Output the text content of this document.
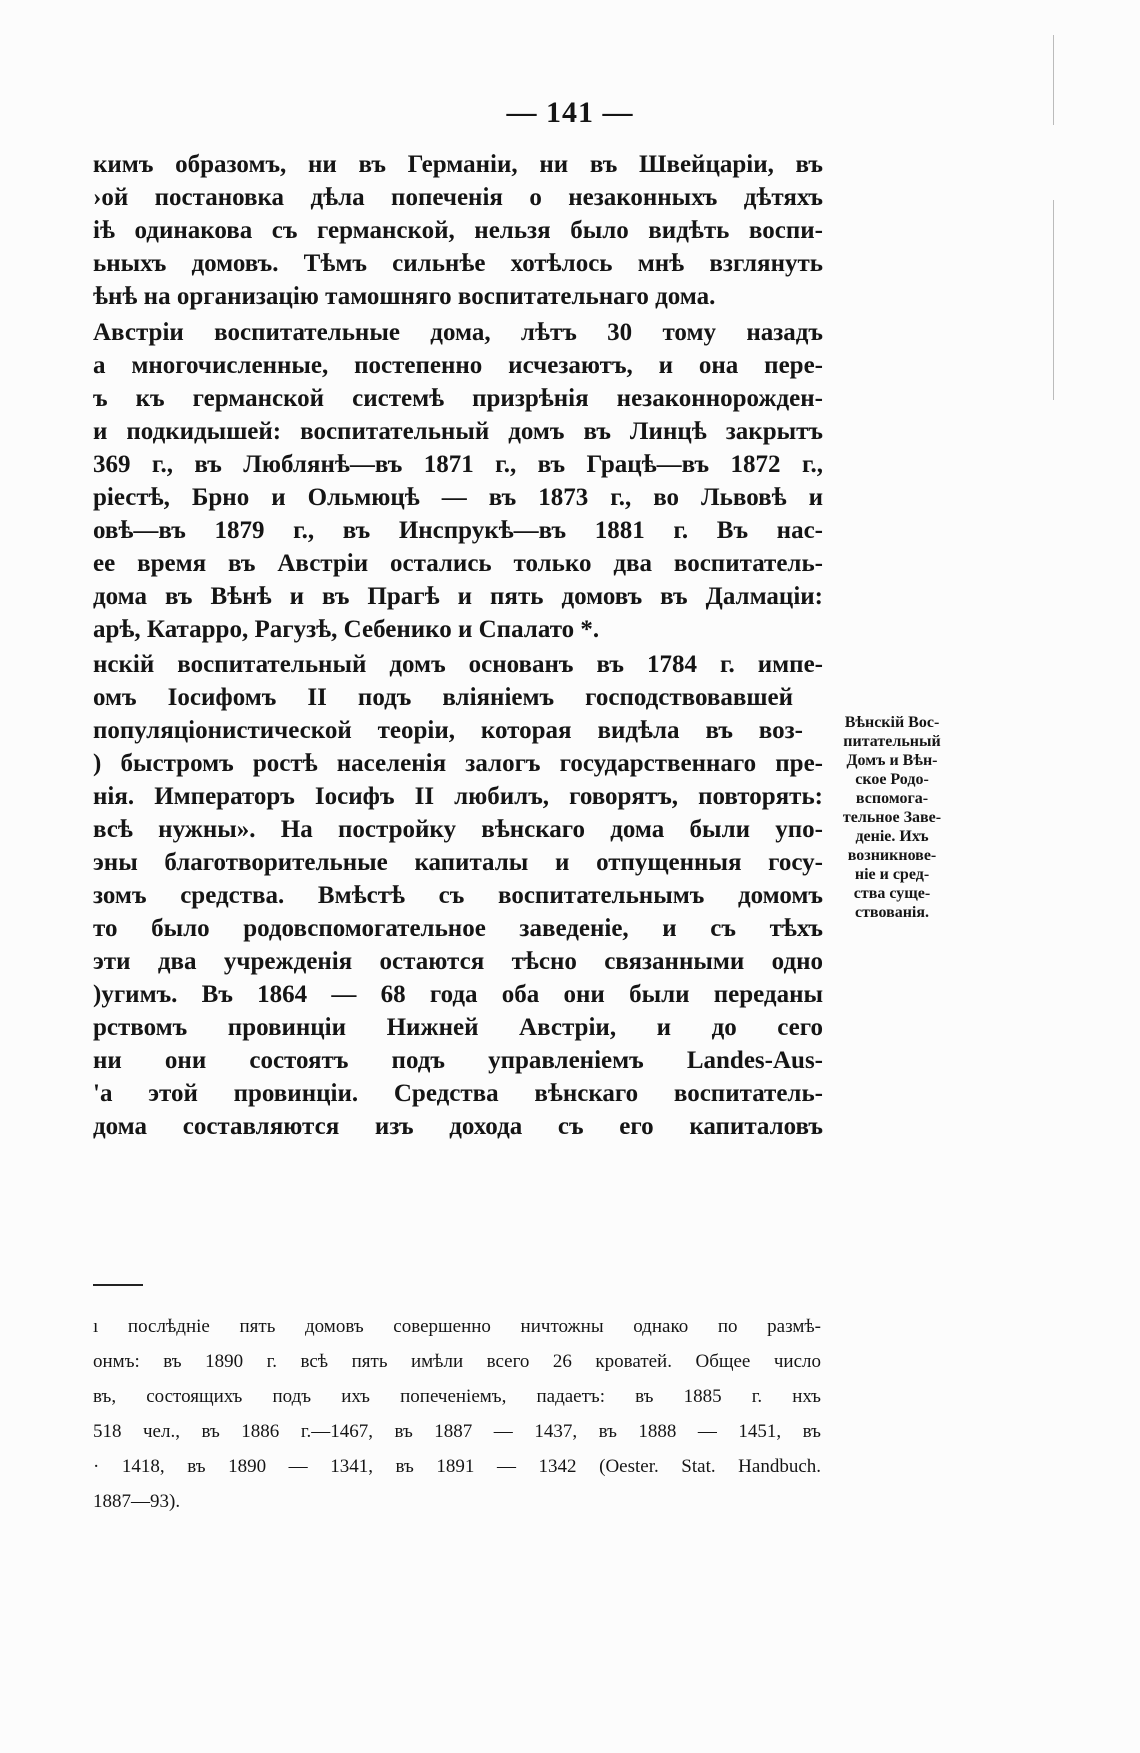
— 141 —
кимъ образомъ, ни въ Германіи, ни въ Швейцаріи, въ
›ой постановка дѣла попеченія о незаконныхъ дѣтяхъ
іѣ одинакова съ германской, нельзя было видѣть воспи-
ьныхъ домовъ. Тѣмъ сильнѣе хотѣлось мнѣ взглянуть
ѣнѣ на организацію тамошняго воспитательнаго дома.
Австріи воспитательные дома, лѣтъ 30 тому назадъ
а многочисленные, постепенно исчезаютъ, и она пере-
ъ къ германской системѣ призрѣнія незаконнорожден-
и подкидышей: воспитательный домъ въ Линцѣ закрытъ
369 г., въ Люблянѣ—въ 1871 г., въ Грацѣ—въ 1872 г.,
ріестѣ, Брно и Ольмюцѣ — въ 1873 г., во Львовѣ и
овѣ—въ 1879 г., въ Инспрукѣ—въ 1881 г. Въ нас-
ее время въ Австріи остались только два воспитатель-
дома въ Вѣнѣ и въ Прагѣ и пять домовъ въ Далмаціи:
арѣ, Катарро, Рагузѣ, Себенико и Спалато *.
нскій воспитательный домъ основанъ въ 1784 г. импе-
омъ Іосифомъ II подъ вліяніемъ господствовавшей
популяціонистической теоріи, которая видѣла въ воз-
) быстромъ ростѣ населенія залогъ государственнаго пре-
нія. Императоръ Іосифъ II любилъ, говорятъ, повторять:
всѣ нужны». На постройку вѣнскаго дома были упо-
эны благотворительные капиталы и отпущенныя госу-
зомъ средства. Вмѣстѣ съ воспитательнымъ домомъ
то было родовспомогательное заведеніе, и съ тѣхъ
эти два учрежденія остаются тѣсно связанными одно
)угимъ. Въ 1864 — 68 года оба они были переданы
рствомъ провинціи Нижней Австріи, и до сего
ни они состоятъ подъ управленіемъ Landes-Aus-
'а этой провинціи. Средства вѣнскаго воспитатель-
дома составляются изъ дохода съ его капиталовъ
Вѣнскій Вос-
питательный
Домъ и Вѣн-
ское Родо-
вспомога-
тельное Заве-
деніе. Ихъ
возникнове-
ніе и сред-
ства суще-
ствованія.
ı послѣдніе пять домовъ совершенно ничтожны однако по размѣ-
онмъ: въ 1890 г. всѣ пять имѣли всего 26 кроватей. Общее число
въ, состоящихъ подъ ихъ попеченіемъ, падаетъ: въ 1885 г. нхъ
518 чел., въ 1886 г.—1467, въ 1887 — 1437, въ 1888 — 1451, въ
· 1418, въ 1890 — 1341, въ 1891 — 1342 (Oester. Stat. Handbuch.
1887—93).
